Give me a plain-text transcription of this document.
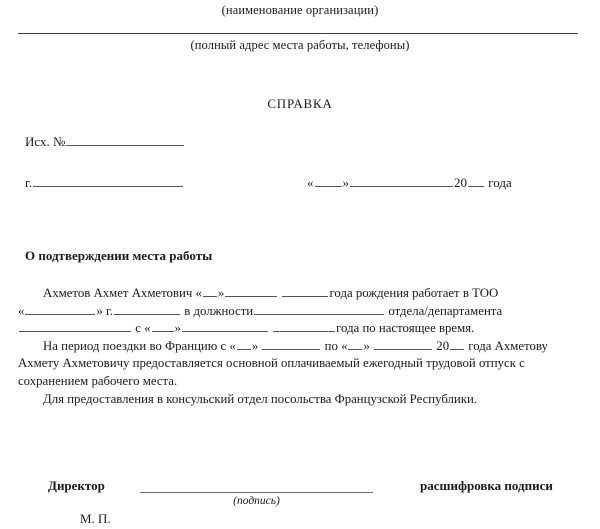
(наименование организации)
(полный адрес места работы, телефоны)
СПРАВКА
Исх. №
г.	« »	20 года
О подтверждении места работы

Ахметов Ахмет Ахметович « »	года рождения работает в ТОО

«	» г.	в должности	отдела/департамента

с « »	года по настоящее время.

На период поездки во Францию с « »	по « »	20 года Ахметову

Ахмету Ахметовичу предоставляется основной оплачиваемый ежегодный трудовой отпуск с

сохранением рабочего места.

Для предоставления в консульский отдел посольства Французской Республики.

Директор
(подпись)
расшифровка подписи
М. П.
